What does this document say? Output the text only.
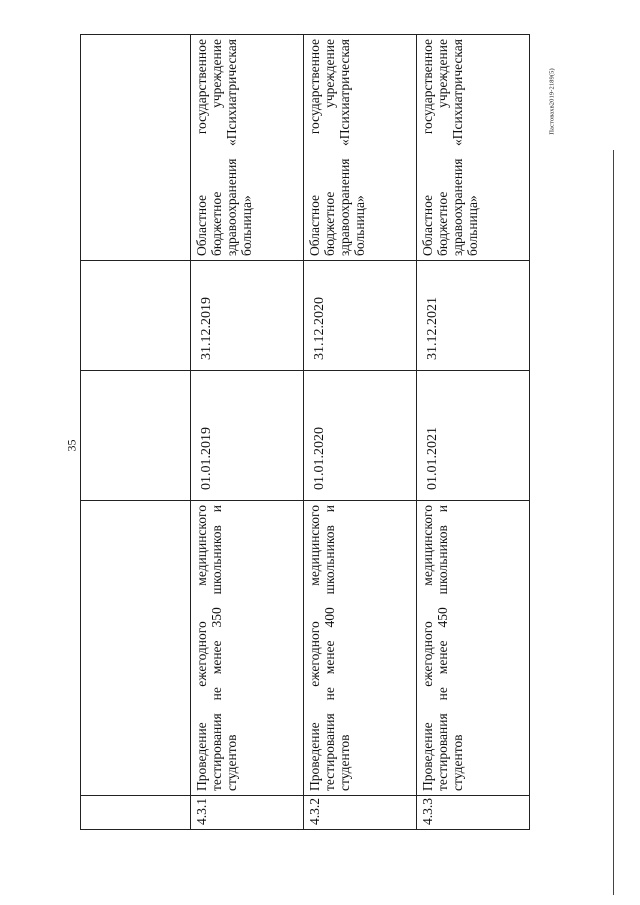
35
Пастовахв2019-2189(5)

4.3.1	Проведение ежегодного медицинского тестирования не менее 350 школьников и студентов	01.01.2019	31.12.2019	Областное государственное бюджетное учреждение здравоохранения «Психиатрическая больница»
4.3.2	Проведение ежегодного медицинского тестирования не менее 400 школьников и студентов	01.01.2020	31.12.2020	Областное государственное бюджетное учреждение здравоохранения «Психиатрическая больница»
4.3.3	Проведение ежегодного медицинского тестирования не менее 450 школьников и студентов	01.01.2021	31.12.2021	Областное государственное бюджетное учреждение здравоохранения «Психиатрическая больница»
